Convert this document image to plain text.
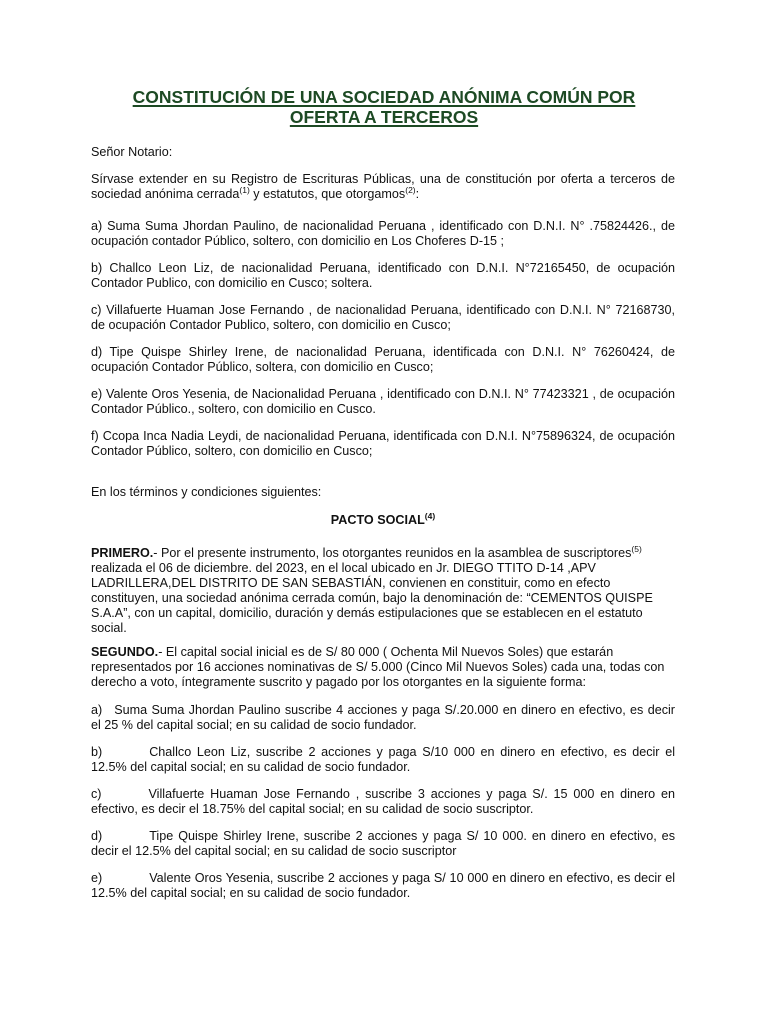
CONSTITUCIÓN DE UNA SOCIEDAD ANÓNIMA COMÚN POR
OFERTA A TERCEROS

Señor Notario:

Sírvase extender en su Registro de Escrituras Públicas, una de constitución por oferta a terceros de sociedad anónima cerrada$^{(1)}$ y estatutos, que otorgamos$^{(2)}$:

a) Suma Suma Jhordan Paulino, de nacionalidad Peruana , identificado con D.N.I. N° .75824426., de ocupación contador Público, soltero, con domicilio en Los Choferes D-15 ;

b) Challco Leon Liz, de nacionalidad Peruana, identificado con D.N.I. N°72165450, de ocupación Contador Publico, con domicilio en Cusco; soltera.

c) Villafuerte Huaman Jose Fernando , de nacionalidad Peruana, identificado con D.N.I. N° 72168730, de ocupación Contador Publico, soltero, con domicilio en Cusco;

d) Tipe Quispe Shirley Irene, de nacionalidad Peruana, identificada con D.N.I. N° 76260424, de ocupación Contador Público, soltera, con domicilio en Cusco;

e) Valente Oros Yesenia, de Nacionalidad Peruana , identificado con D.N.I. N° 77423321 , de ocupación Contador Público., soltero, con domicilio en Cusco.

f) Ccopa Inca Nadia Leydi, de nacionalidad Peruana, identificada con D.N.I. N°75896324, de ocupación Contador Público, soltero, con domicilio en Cusco;

En los términos y condiciones siguientes:

PACTO SOCIAL$^{(4)}$

PRIMERO.- Por el presente instrumento, los otorgantes reunidos en la asamblea de suscriptores$^{(5)}$ realizada el 06 de diciembre. del 2023, en el local ubicado en Jr. DIEGO TTITO D-14 ,APV LADRILLERA,DEL DISTRITO DE SAN SEBASTIÁN, convienen en constituir, como en efecto constituyen, una sociedad anónima cerrada común, bajo la denominación de: “CEMENTOS QUISPE S.A.A”, con un capital, domicilio, duración y demás estipulaciones que se establecen en el estatuto social.

SEGUNDO.- El capital social inicial es de S/ 80 000 ( Ochenta Mil Nuevos Soles) que estarán representados por 16 acciones nominativas de S/ 5.000 (Cinco Mil Nuevos Soles) cada una, todas con derecho a voto, íntegramente suscrito y pagado por los otorgantes en la siguiente forma:

a) Suma Suma Jhordan Paulino suscribe 4 acciones y paga S/.20.000 en dinero en efectivo, es decir el 25 % del capital social; en su calidad de socio fundador.

b)	Challco Leon Liz, suscribe 2 acciones y paga S/10 000 en dinero en efectivo, es decir el 12.5% del capital social; en su calidad de socio fundador.

c)	Villafuerte Huaman Jose Fernando , suscribe 3 acciones y paga S/. 15 000 en dinero en efectivo, es decir el 18.75% del capital social; en su calidad de socio suscriptor.

d)	Tipe Quispe Shirley Irene, suscribe 2 acciones y paga S/ 10 000. en dinero en efectivo, es decir el 12.5% del capital social; en su calidad de socio suscriptor

e)	Valente Oros Yesenia, suscribe 2 acciones y paga S/ 10 000 en dinero en efectivo, es decir el 12.5% del capital social; en su calidad de socio fundador.
